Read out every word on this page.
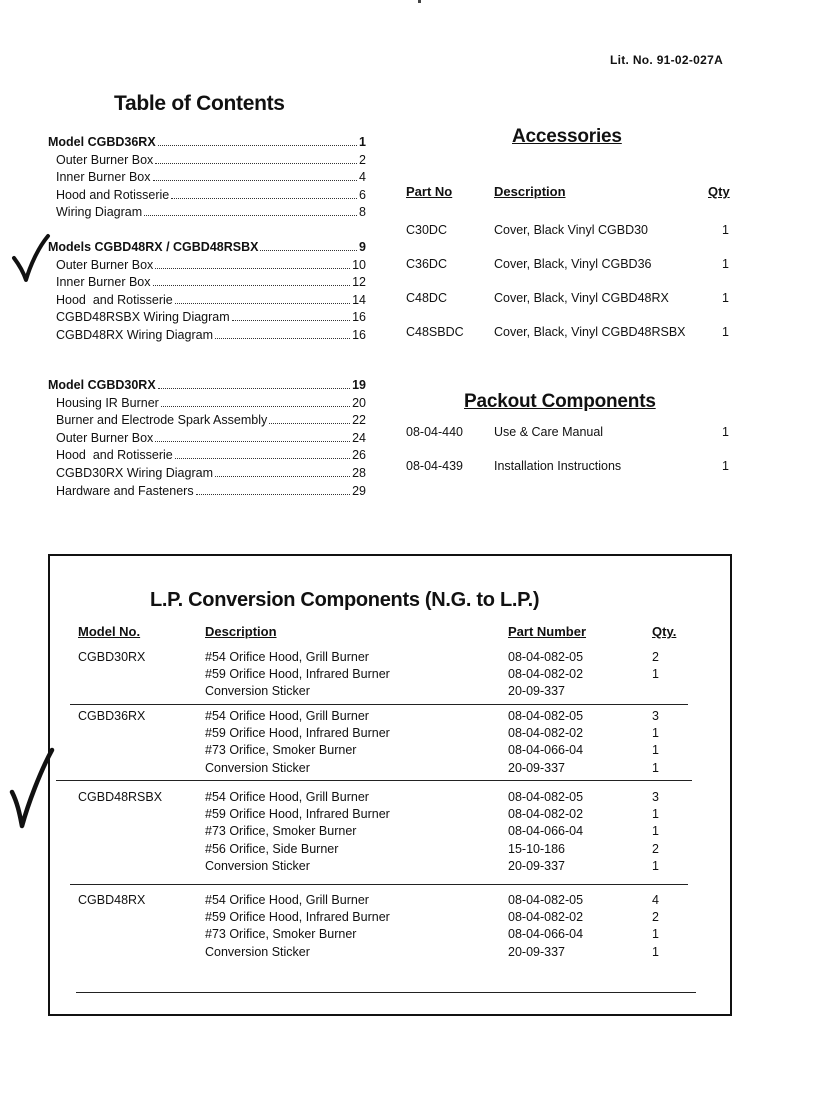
Lit. No. 91-02-027A
Table of Contents
Model CGBD36RX	1
Outer Burner Box	2
Inner Burner Box	4
Hood and Rotisserie	6
Wiring Diagram	8
Models CGBD48RX / CGBD48RSBX	9
Outer Burner Box	10
Inner Burner Box	12
Hood  and Rotisserie	14
CGBD48RSBX Wiring Diagram	16
CGBD48RX Wiring Diagram	16
Model CGBD30RX	19
Housing IR Burner	20
Burner and Electrode Spark Assembly	22
Outer Burner Box	24
Hood  and Rotisserie	26
CGBD30RX Wiring Diagram	28
Hardware and Fasteners	29
Accessories
Part No	Description	Qty
C30DC	Cover, Black Vinyl CGBD30	1
C36DC	Cover, Black, Vinyl CGBD36	1
C48DC	Cover, Black, Vinyl CGBD48RX	1
C48SBDC Cover, Black, Vinyl CGBD48RSBX	1
Packout Components
08-04-440 Use & Care Manual	1
08-04-439 Installation Instructions	1
L.P. Conversion Components (N.G. to L.P.)
Model No.	Description	Part Number	Qty.
CGBD30RX	#54 Orifice Hood, Grill Burner	08-04-082-05	2
#59 Orifice Hood, Infrared Burner	08-04-082-02	1
Conversion Sticker	20-09-337
CGBD36RX	#54 Orifice Hood, Grill Burner	08-04-082-05	3
#59 Orifice Hood, Infrared Burner	08-04-082-02	1
#73 Orifice, Smoker Burner	08-04-066-04	1
Conversion Sticker	20-09-337	1
CGBD48RSBX	#54 Orifice Hood, Grill Burner	08-04-082-05	3
#59 Orifice Hood, Infrared Burner	08-04-082-02	1
#73 Orifice, Smoker Burner	08-04-066-04	1
#56 Orifice, Side Burner	15-10-186	2
Conversion Sticker	20-09-337	1
CGBD48RX	#54 Orifice Hood, Grill Burner	08-04-082-05	4
#59 Orifice Hood, Infrared Burner	08-04-082-02	2
#73 Orifice, Smoker Burner	08-04-066-04	1
Conversion Sticker	20-09-337	1
